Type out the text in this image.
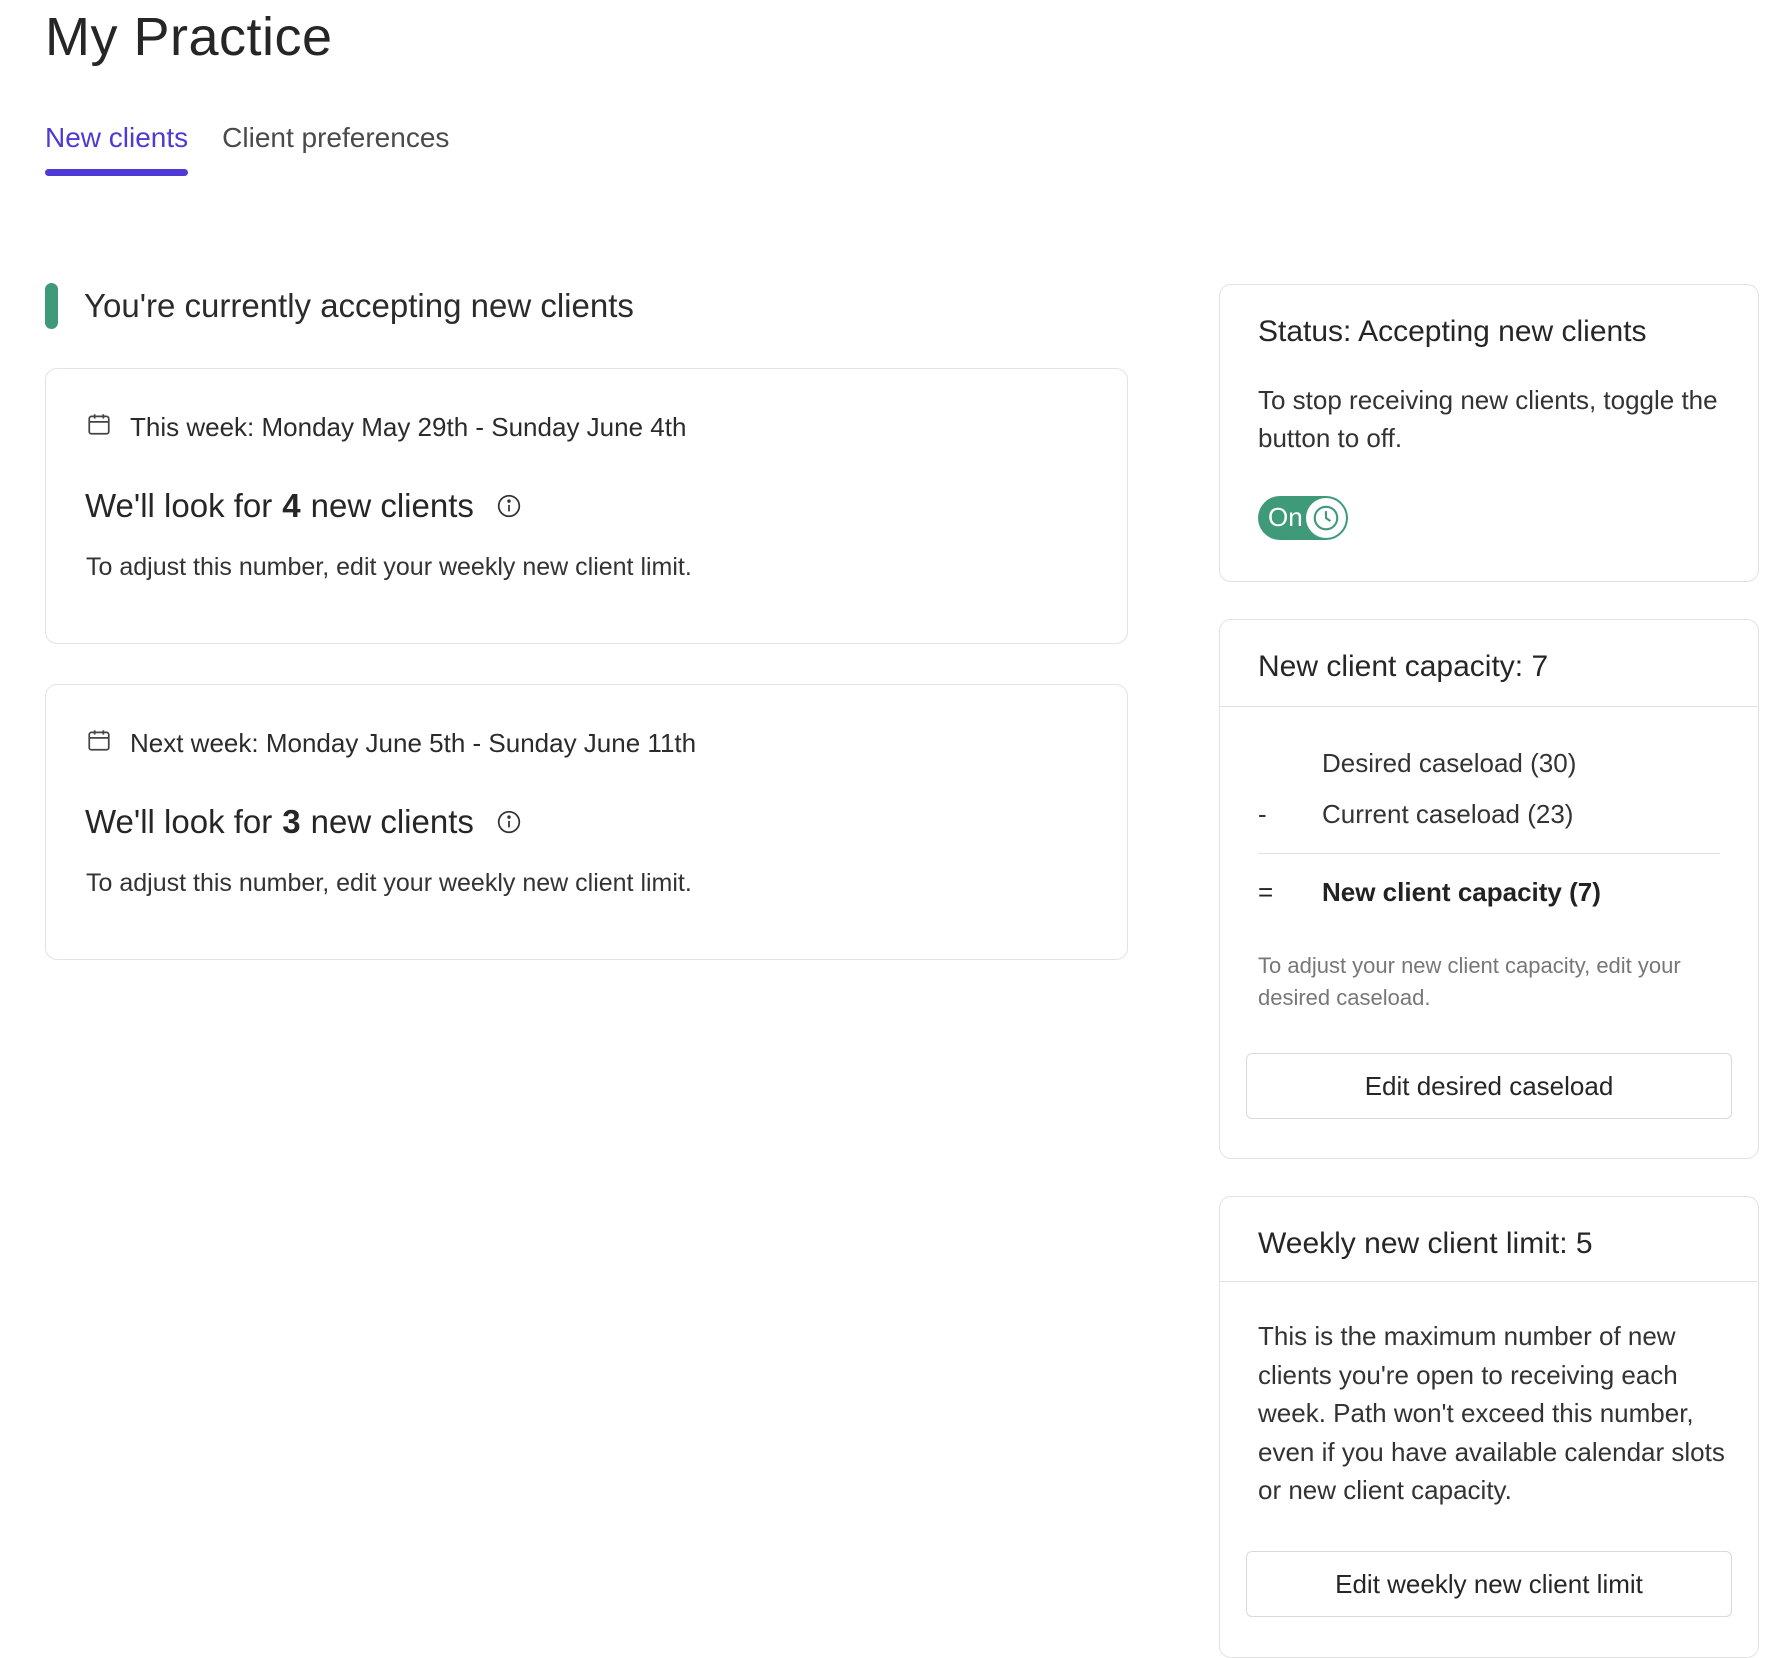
My Practice
New clients Client preferences
You're currently accepting new clients
This week: Monday May 29th - Sunday June 4th
We'll look for 4 new clients
To adjust this number, edit your weekly new client limit.
Next week: Monday June 5th - Sunday June 11th
We'll look for 3 new clients
To adjust this number, edit your weekly new client limit.
Status: Accepting new clients
To stop receiving new clients, toggle the button to off.
On
New client capacity: 7
Desired caseload (30)
-	Current caseload (23)
=	New client capacity (7)
To adjust your new client capacity, edit your desired caseload.
Edit desired caseload
Weekly new client limit: 5
This is the maximum number of new clients you're open to receiving each week. Path won't exceed this number, even if you have available calendar slots or new client capacity.
Edit weekly new client limit
